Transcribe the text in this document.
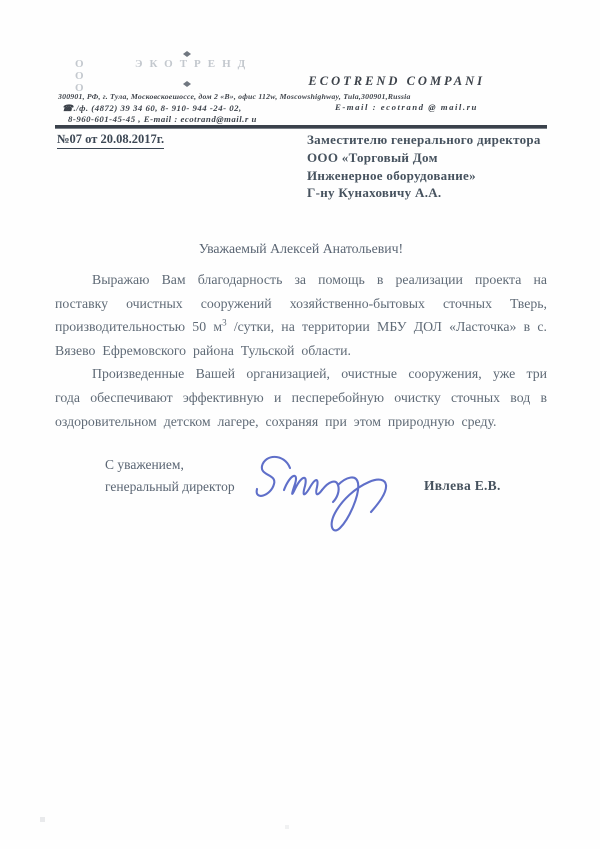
О О О
ЭКОТРЕНД
ECOTREND COMPANI
300901, РФ, г. Тула, Московскоешоссе, дом 2 «В», офис 112w, Moscowshighway, Tula,300901,Russia
☎./ф. (4872) 39 34 60, 8- 910- 944 -24- 02,
8-960-601-45-45 , E-mail : ecotrand@mail.r u
E-mail : ecotrand @ mail.ru
№07 от 20.08.2017г.	Заместителю генерального директора
ООО «Торговый Дом
Инженерное оборудование»
Г-ну Кунаховичу А.А.
Уважаемый Алексей Анатольевич!

Выражаю Вам благодарность за помощь в реализации проекта на поставку очистных сооружений хозяйственно-бытовых сточных Тверь, производительностью 50 $м^3$ /сутки, на территории МБУ ДОЛ «Ласточка» в с. Вязево Ефремовского района Тульской области.

Произведенные Вашей организацией, очистные сооружения, уже три года обеспечивают эффективную и песперебойную очистку сточных вод в оздоровительном детском лагере, сохраняя при этом природную среду.

С уважением,
генеральный директор	Ивлева Е.В.
